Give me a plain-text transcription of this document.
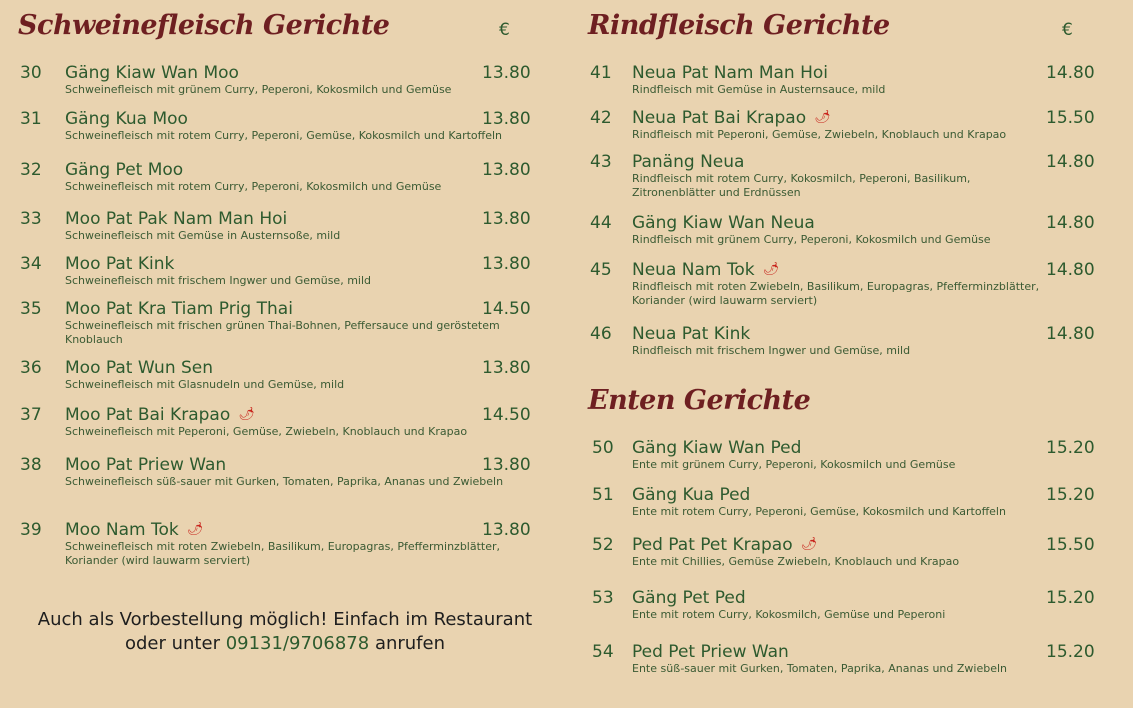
Schweinefleisch Gerichte	€
30 Gäng Kiaw Wan Moo
Schweinefleisch mit grünem Curry, Peperoni, Kokosmilch und Gemüse
13.80
31 Gäng Kua Moo
Schweinefleisch mit rotem Curry, Peperoni, Gemüse, Kokosmilch und Kartoffeln
13.80
32 Gäng Pet Moo
Schweinefleisch mit rotem Curry, Peperoni, Kokosmilch und Gemüse
13.80
33 Moo Pat Pak Nam Man Hoi
Schweinefleisch mit Gemüse in Austernsoße, mild
13.80
34 Moo Pat Kink
Schweinefleisch mit frischem Ingwer und Gemüse, mild
13.80
35 Moo Pat Kra Tiam Prig Thai
Schweinefleisch mit frischen grünen Thai-Bohnen, Peffersauce und geröstetem Knoblauch
14.50
36 Moo Pat Wun Sen
Schweinefleisch mit Glasnudeln und Gemüse, mild
13.80
37 Moo Pat Bai Krapao 🌶
Schweinefleisch mit Peperoni, Gemüse, Zwiebeln, Knoblauch und Krapao
14.50
38 Moo Pat Priew Wan
Schweinefleisch süß-sauer mit Gurken, Tomaten, Paprika, Ananas und Zwiebeln
13.80
39 Moo Nam Tok 🌶
Schweinefleisch mit roten Zwiebeln, Basilikum, Europagras, Pfefferminzblätter, Koriander (wird lauwarm serviert)
13.80
Auch als Vorbestellung möglich! Einfach im Restaurant
oder unter 09131/9706878 anrufen
Rindfleisch Gerichte	€
41 Neua Pat Nam Man Hoi
Rindfleisch mit Gemüse in Austernsauce, mild
14.80
42 Neua Pat Bai Krapao 🌶
Rindfleisch mit Peperoni, Gemüse, Zwiebeln, Knoblauch und Krapao
15.50
43 Panäng Neua
Rindfleisch mit rotem Curry, Kokosmilch, Peperoni, Basilikum, Zitronenblätter und Erdnüssen
14.80
44 Gäng Kiaw Wan Neua
Rindfleisch mit grünem Curry, Peperoni, Kokosmilch und Gemüse
14.80
45 Neua Nam Tok 🌶
Rindfleisch mit roten Zwiebeln, Basilikum, Europagras, Pfefferminzblätter, Koriander (wird lauwarm serviert)
14.80
46 Neua Pat Kink
Rindfleisch mit frischem Ingwer und Gemüse, mild
14.80
Enten Gerichte
50 Gäng Kiaw Wan Ped
Ente mit grünem Curry, Peperoni, Kokosmilch und Gemüse
15.20
51 Gäng Kua Ped
Ente mit rotem Curry, Peperoni, Gemüse, Kokosmilch und Kartoffeln
15.20
52 Ped Pat Pet Krapao 🌶
Ente mit Chillies, Gemüse Zwiebeln, Knoblauch und Krapao
15.50
53 Gäng Pet Ped
Ente mit rotem Curry, Kokosmilch, Gemüse und Peperoni
15.20
54 Ped Pet Priew Wan
Ente süß-sauer mit Gurken, Tomaten, Paprika, Ananas und Zwiebeln
15.20
